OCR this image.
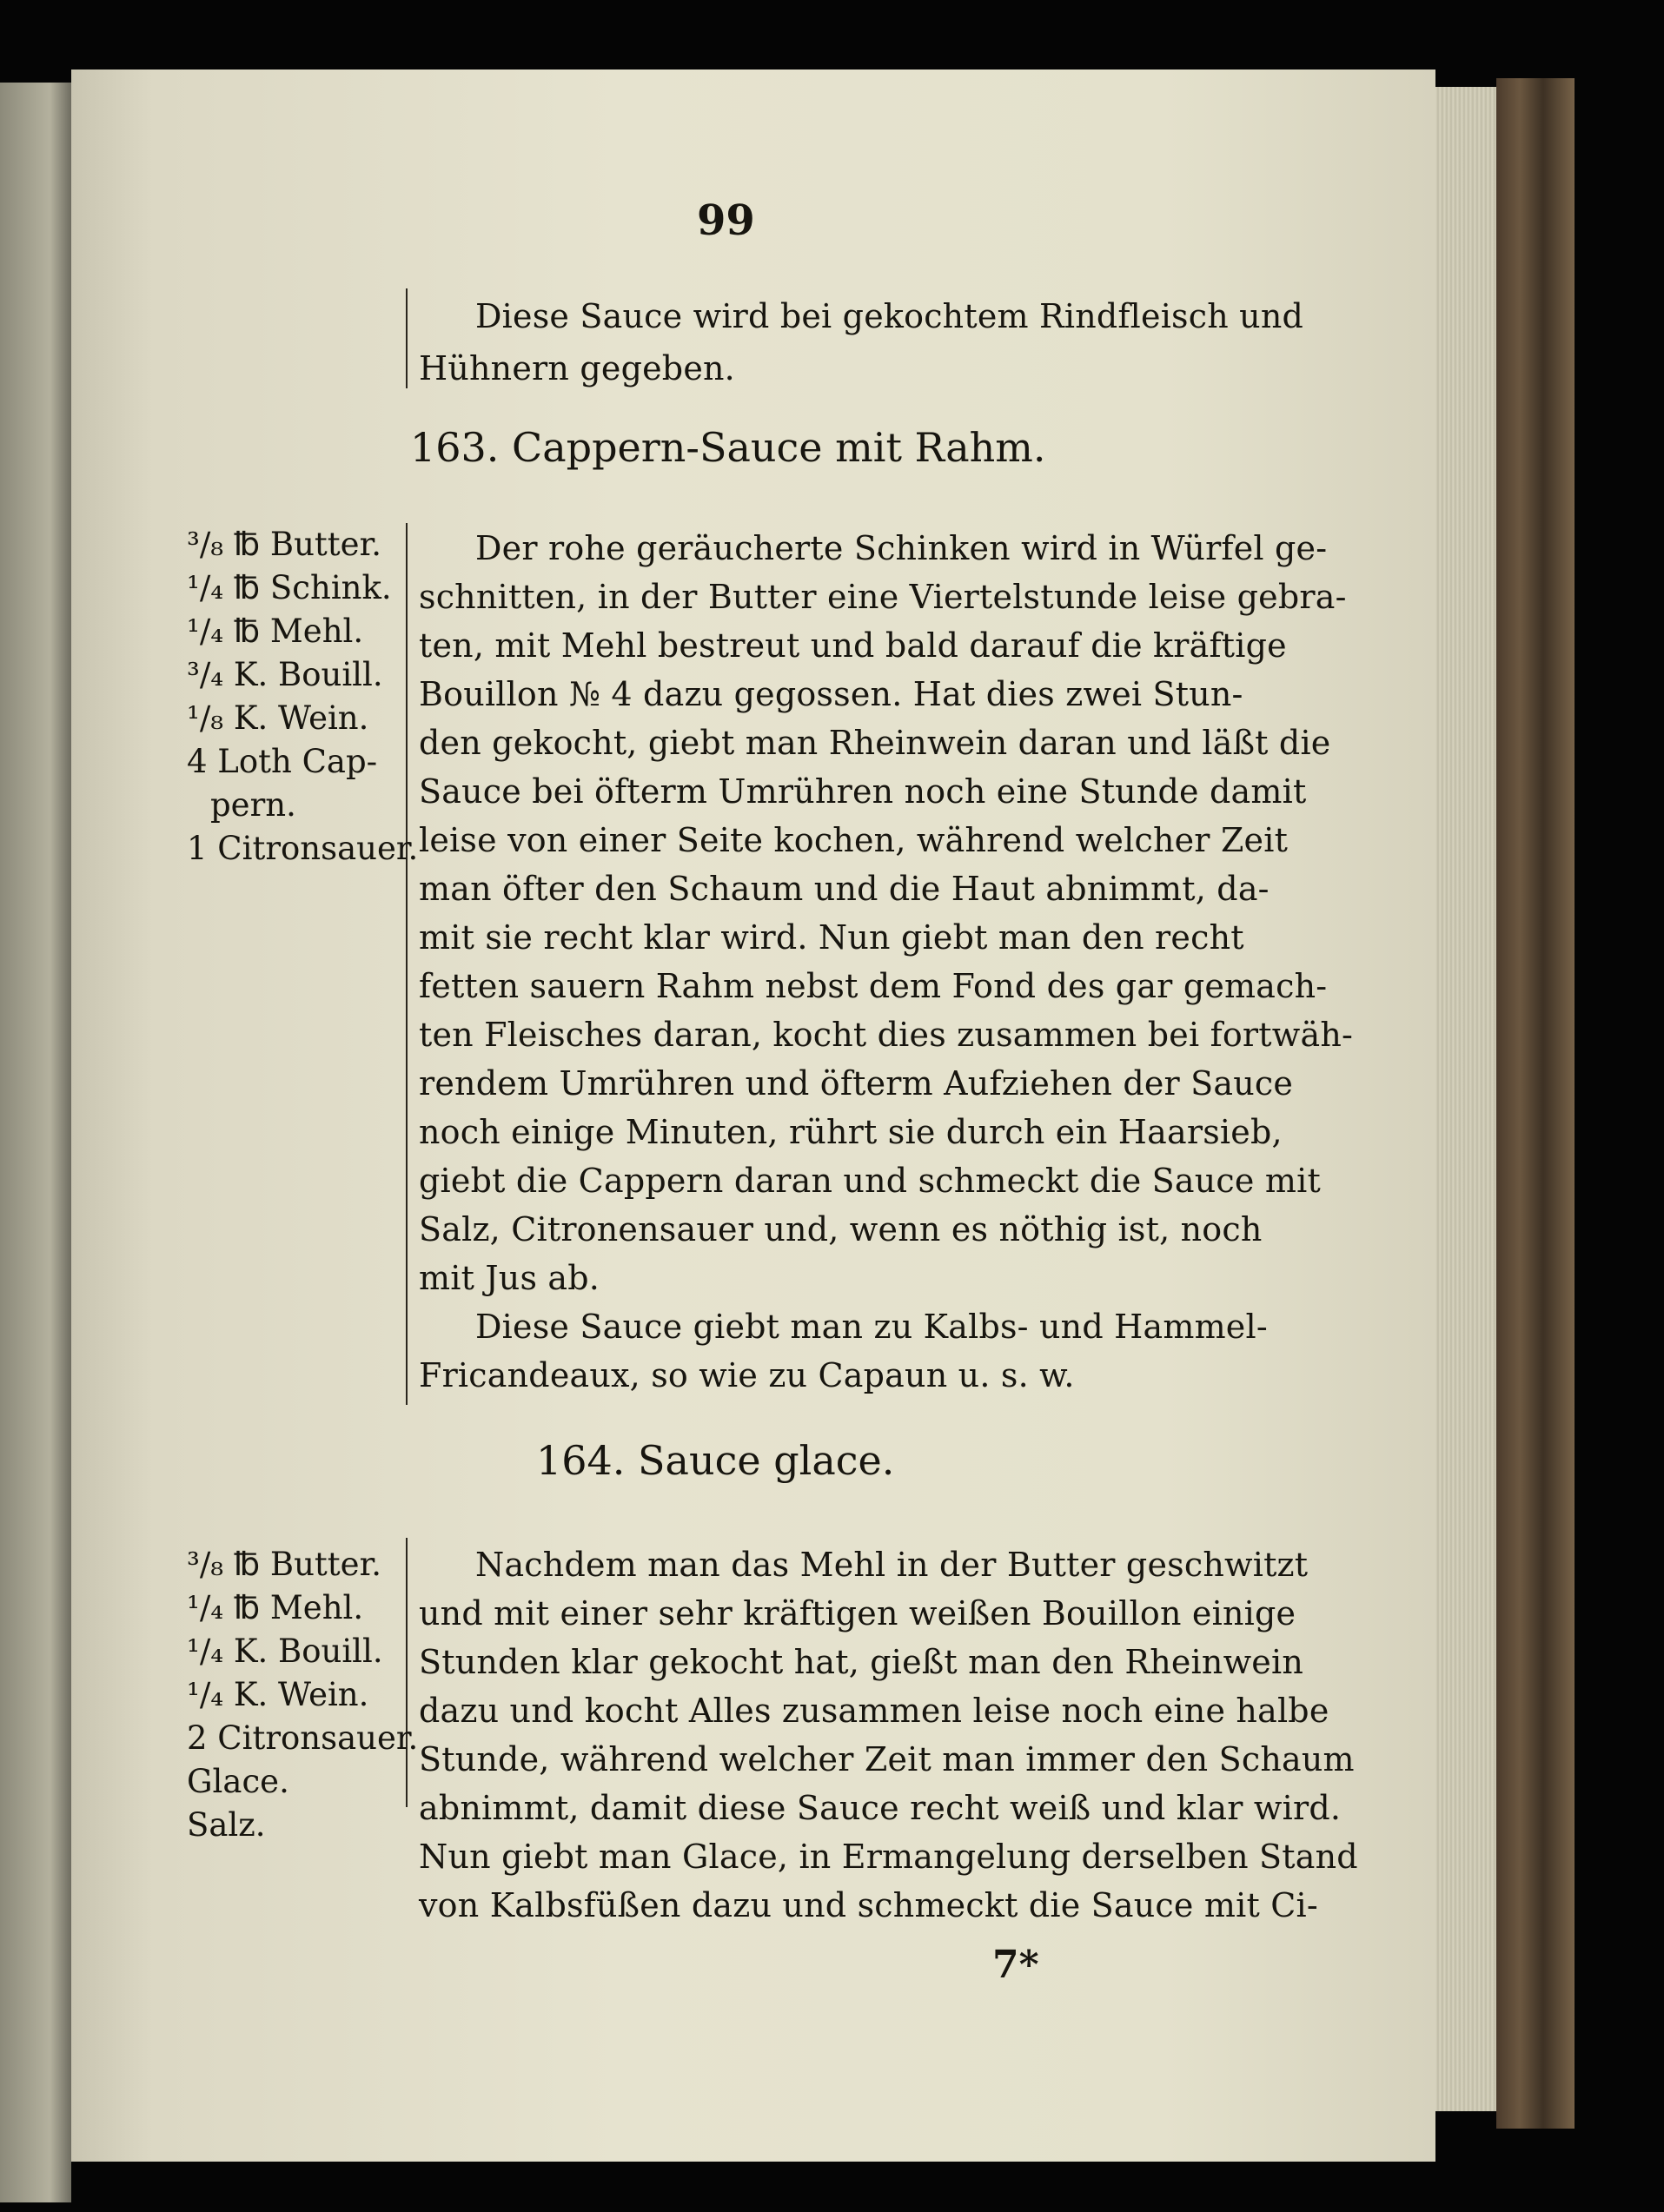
99
Diese Sauce wird bei gekochtem Rindfleisch und
Hühnern gegeben.
163. Cappern-Sauce mit Rahm.
³/₈ ℔ Butter.
¹/₄ ℔ Schink.
¹/₄ ℔ Mehl.
³/₄ K. Bouill.
¹/₈ K. Wein.
4 Loth Cap-
pern.
1 Citronsauer.
Der rohe geräucherte Schinken wird in Würfel ge-
schnitten, in der Butter eine Viertelstunde leise gebra-
ten, mit Mehl bestreut und bald darauf die kräftige
Bouillon № 4 dazu gegossen. Hat dies zwei Stun-
den gekocht, giebt man Rheinwein daran und läßt die
Sauce bei öfterm Umrühren noch eine Stunde damit
leise von einer Seite kochen, während welcher Zeit
man öfter den Schaum und die Haut abnimmt, da-
mit sie recht klar wird. Nun giebt man den recht
fetten sauern Rahm nebst dem Fond des gar gemach-
ten Fleisches daran, kocht dies zusammen bei fortwäh-
rendem Umrühren und öfterm Aufziehen der Sauce
noch einige Minuten, rührt sie durch ein Haarsieb,
giebt die Cappern daran und schmeckt die Sauce mit
Salz, Citronensauer und, wenn es nöthig ist, noch
mit Jus ab.
Diese Sauce giebt man zu Kalbs- und Hammel-
Fricandeaux, so wie zu Capaun u. s. w.
164. Sauce glace.
³/₈ ℔ Butter.
¹/₄ ℔ Mehl.
¹/₄ K. Bouill.
¹/₄ K. Wein.
2 Citronsauer.
Glace.
Salz.
Nachdem man das Mehl in der Butter geschwitzt
und mit einer sehr kräftigen weißen Bouillon einige
Stunden klar gekocht hat, gießt man den Rheinwein
dazu und kocht Alles zusammen leise noch eine halbe
Stunde, während welcher Zeit man immer den Schaum
abnimmt, damit diese Sauce recht weiß und klar wird.
Nun giebt man Glace, in Ermangelung derselben Stand
von Kalbsfüßen dazu und schmeckt die Sauce mit Ci-
7*
